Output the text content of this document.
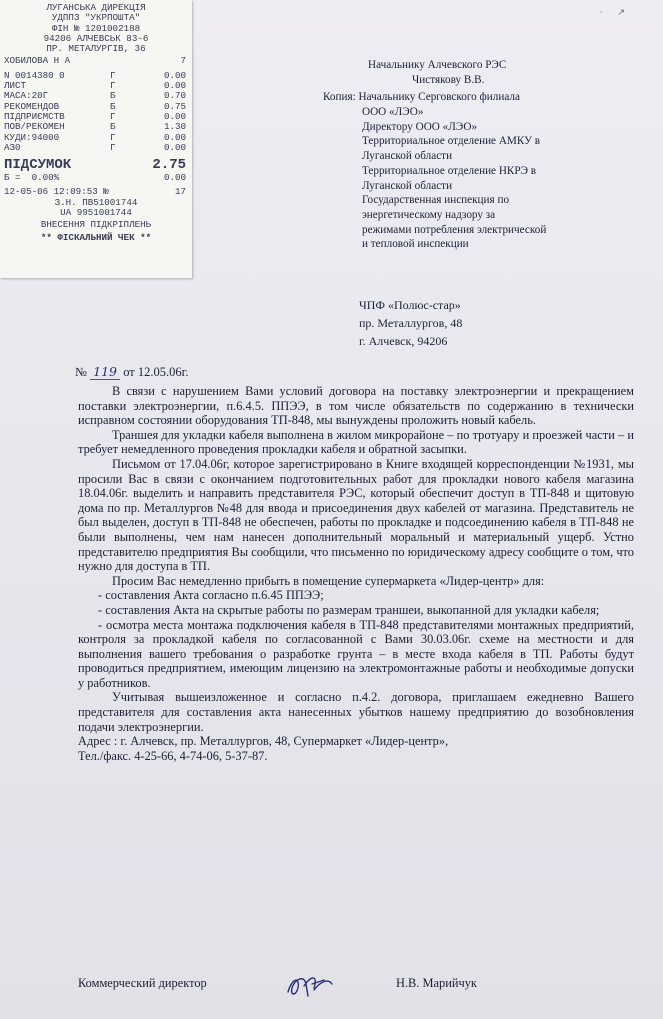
ЛУГАНСЬКА ДИРЕКЦІЯ
УДППЗ "УКРПОШТА"
ФІН № 1201002188
94206 АЛЧЕВСЬК 83-6
ПР. МЕТАЛУРГІВ, 36
ХОБИЛОВА Н А	7
N 0014380 0	Г	0.00
ЛИСТ	Г	0.00
МАСА:20Г	Б	0.70
РЕКОМЕНДОВ	Б	0.75
ПІДПРИЄМСТВ	Г	0.00
ПОВ/РЕКОМЕН	Б	1.30
КУДИ:94000	Г	0.00
АЗ0	Г	0.00
ПІДСУМОК	2.75
Б =  0.00%	0.00
12-05-06 12:09:53 №	17
З.Н. ПВ51001744
UA 9951001744
ВНЕСЕННЯ ПІДКРІПЛЕНЬ
** ФІСКАЛЬНИЙ ЧЕК **
· ↗
Начальнику Алчевского РЭС
Чистякову В.В.
Копия: Начальнику Серговского филиала
ООО «ЛЭО»
Директору ООО «ЛЭО»
Территориальное отделение АМКУ в
Луганской области
Территориальное отделение НКРЭ в
Луганской области
Государственная инспекция по
энергетическому надзору за
режимами потребления электрической
и тепловой инспекции
ЧПФ «Полюс-стар»
пр. Металлургов, 48
г. Алчевск, 94206
№ 119 от 12.05.06г.

В связи с нарушением Вами условий договора на поставку электроэнергии и прекращением поставки электроэнергии, п.6.4.5. ППЭЭ, в том числе обязательств по содержанию в технически исправном состоянии оборудования ТП-848, мы вынуждены проложить новый кабель.

Траншея для укладки кабеля выполнена в жилом микрорайоне – по тротуару и проезжей части – и требует немедленного проведения прокладки кабеля и обратной засыпки.

Письмом от 17.04.06г, которое зарегистрировано в Книге входящей корреспонденции №1931, мы просили Вас в связи с окончанием подготовительных работ для прокладки нового кабеля магазина 18.04.06г. выделить и направить представителя РЭС, который обеспечит доступ в ТП-848 и щитовую дома по пр. Металлургов №48 для ввода и присоединения двух кабелей от магазина. Представитель не был выделен, доступ в ТП-848 не обеспечен, работы по прокладке и подсоединению кабеля в ТП-848 не были выполнены, чем нам нанесен дополнительный моральный и материальный ущерб. Устно представителю предприятия Вы сообщили, что письменно по юридическому адресу сообщите о том, что нужно для доступа в ТП.

Просим Вас немедленно прибыть в помещение супермаркета «Лидер-центр» для:

- составления Акта согласно п.6.45 ППЭЭ;

- составления Акта на скрытые работы по размерам траншеи, выкопанной для укладки кабеля;

- осмотра места монтажа подключения кабеля в ТП-848 представителями монтажных предприятий, контроля за прокладкой кабеля по согласованной с Вами 30.03.06г. схеме на местности и для выполнения вашего требования о разработке грунта – в месте входа кабеля в ТП. Работы будут проводиться предприятием, имеющим лицензию на электромонтажные работы и необходимые допуски у работников.

Учитывая вышеизложенное и согласно п.4.2. договора, приглашаем ежедневно Вашего представителя для составления акта нанесенных убытков нашему предприятию до возобновления подачи электроэнергии.

Адрес : г. Алчевск, пр. Металлургов, 48, Супермаркет «Лидер-центр»,

Тел./факс. 4-25-66, 4-74-06, 5-37-87.

Коммерческий директор	Н.В. Марийчук
